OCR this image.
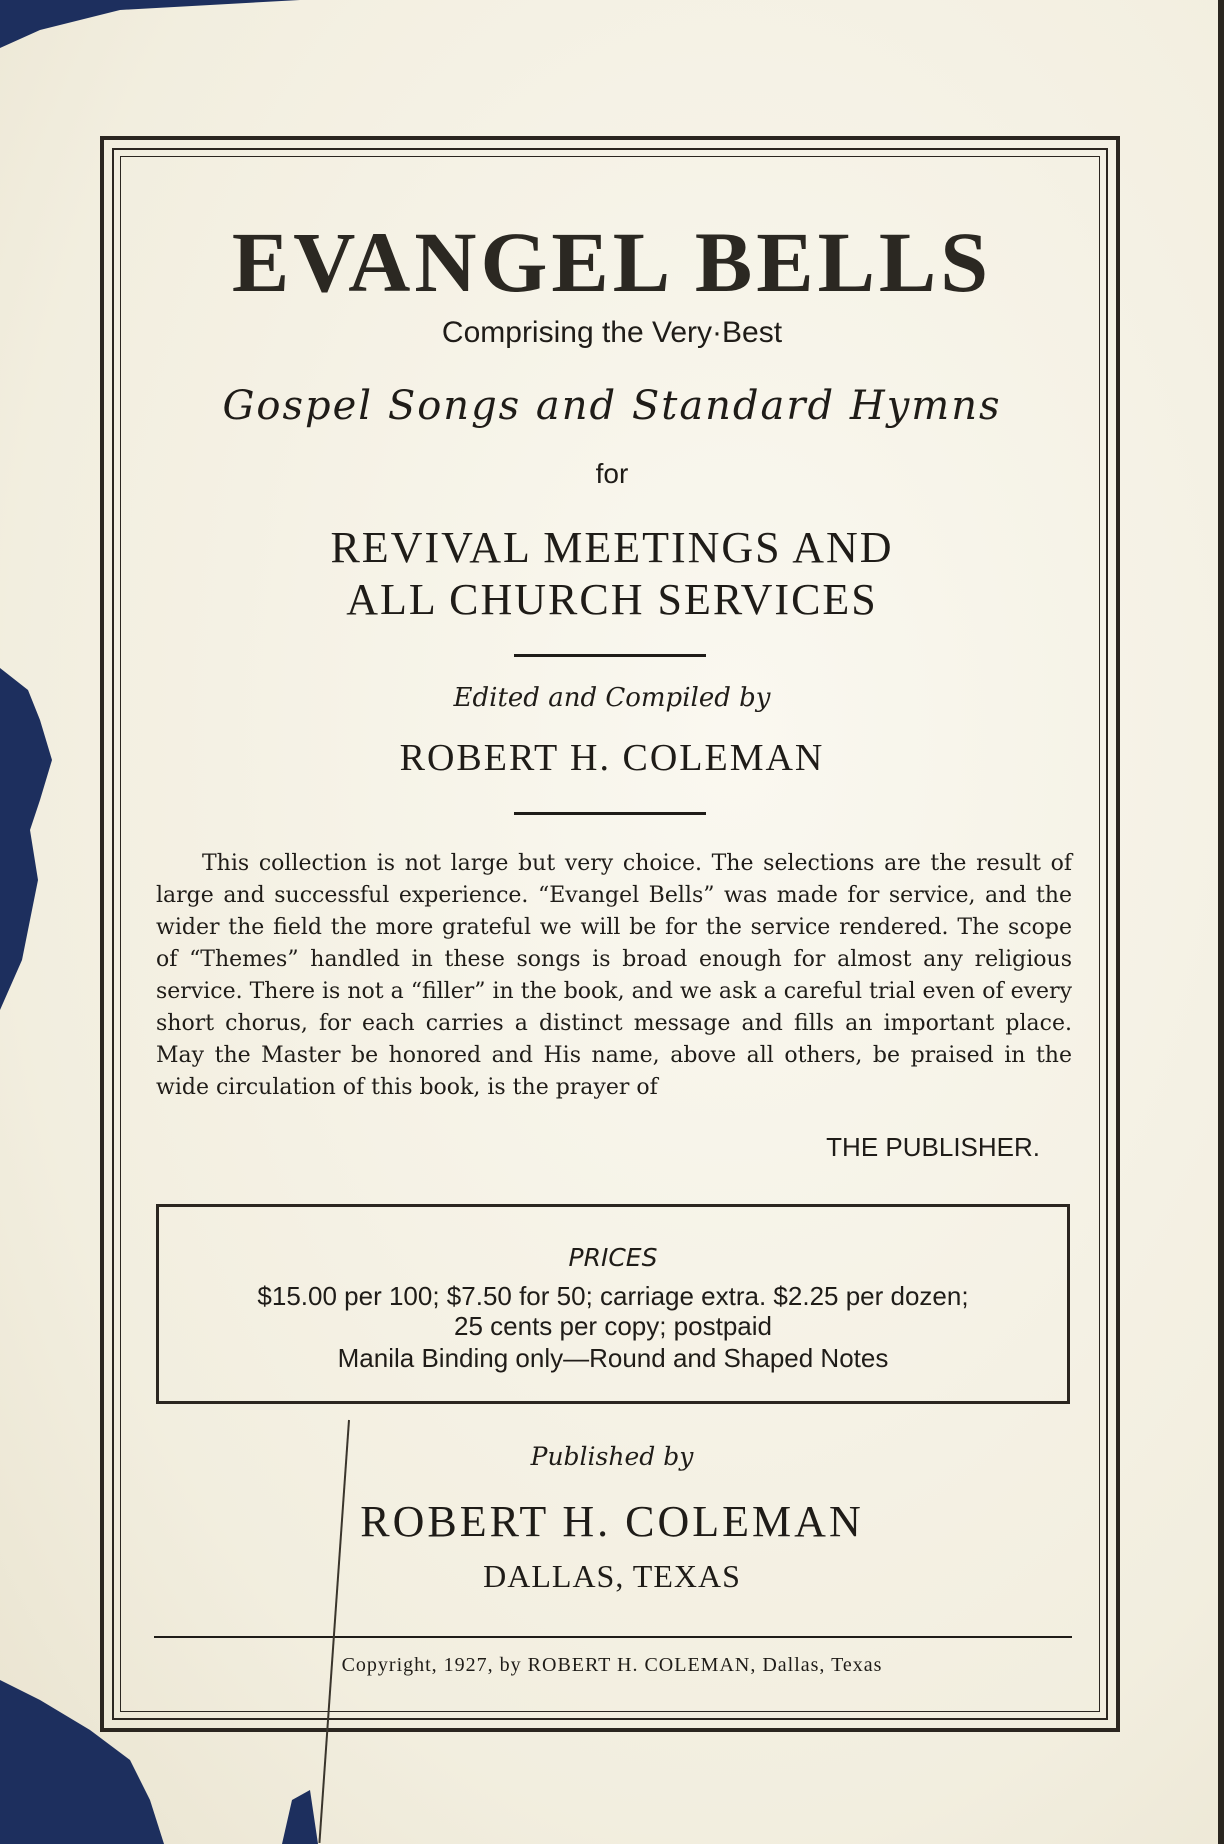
EVANGEL BELLS
Comprising the Very·Best
Gospel Songs and Standard Hymns
for
REVIVAL MEETINGS AND
ALL CHURCH SERVICES
Edited and Compiled by
ROBERT H. COLEMAN
This collection is not large but very choice. The selections are the result of large and successful experience. “Evangel Bells” was made for service, and the wider the field the more grateful we will be for the service rendered. The scope of “Themes” handled in these songs is broad enough for almost any religious service. There is not a “filler” in the book, and we ask a careful trial even of every short chorus, for each carries a distinct message and fills an important place. May the Master be honored and His name, above all others, be praised in the wide circulation of this book, is the prayer of
THE PUBLISHER.
PRICES
$15.00 per 100; $7.50 for 50; carriage extra. $2.25 per dozen;
25 cents per copy; postpaid
Manila Binding only—Round and Shaped Notes
Published by
ROBERT H. COLEMAN
DALLAS, TEXAS
Copyright, 1927, by ROBERT H. COLEMAN, Dallas, Texas
